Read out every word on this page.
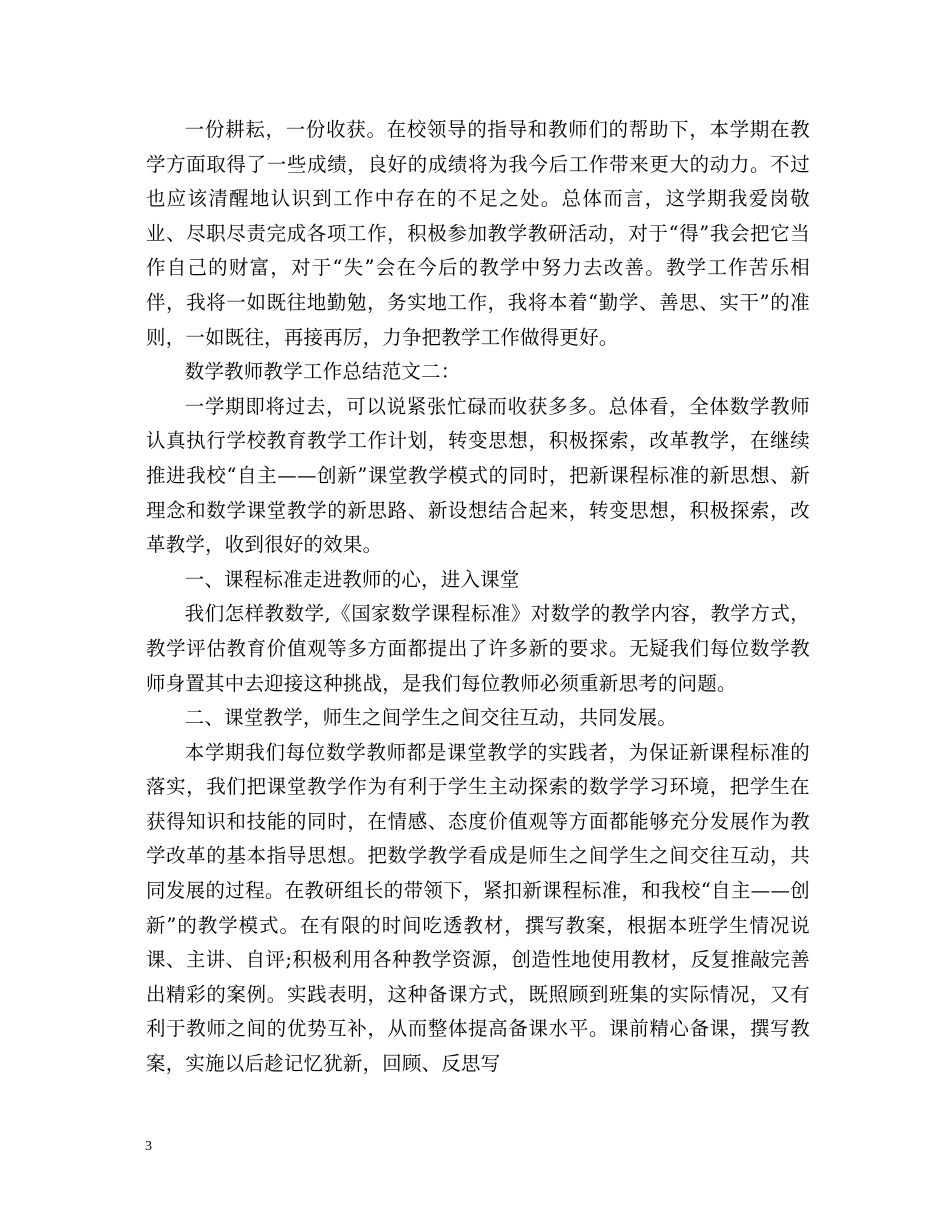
一份耕耘，一份收获。在校领导的指导和教师们的帮助下，本学期在教学方面取得了一些成绩，良好的成绩将为我今后工作带来更大的动力。不过也应该清醒地认识到工作中存在的不足之处。总体而言，这学期我爱岗敬业、尽职尽责完成各项工作，积极参加教学教研活动，对于“得”我会把它当作自己的财富，对于“失”会在今后的教学中努力去改善。教学工作苦乐相伴，我将一如既往地勤勉，务实地工作，我将本着“勤学、善思、实干”的准则，一如既往，再接再厉，力争把教学工作做得更好。

数学教师教学工作总结范文二：

一学期即将过去，可以说紧张忙碌而收获多多。总体看，全体数学教师认真执行学校教育教学工作计划，转变思想，积极探索，改革教学，在继续推进我校“自主——创新”课堂教学模式的同时，把新课程标准的新思想、新理念和数学课堂教学的新思路、新设想结合起来，转变思想，积极探索，改革教学，收到很好的效果。

一、课程标准走进教师的心，进入课堂

我们怎样教数学,《国家数学课程标准》对数学的教学内容，教学方式，教学评估教育价值观等多方面都提出了许多新的要求。无疑我们每位数学教师身置其中去迎接这种挑战，是我们每位教师必须重新思考的问题。

二、课堂教学，师生之间学生之间交往互动，共同发展。

本学期我们每位数学教师都是课堂教学的实践者，为保证新课程标准的落实，我们把课堂教学作为有利于学生主动探索的数学学习环境，把学生在获得知识和技能的同时，在情感、态度价值观等方面都能够充分发展作为教学改革的基本指导思想。把数学教学看成是师生之间学生之间交往互动，共同发展的过程。在教研组长的带领下，紧扣新课程标准，和我校“自主——创新”的教学模式。在有限的时间吃透教材，撰写教案，根据本班学生情况说课、主讲、自评;积极利用各种教学资源，创造性地使用教材，反复推敲完善出精彩的案例。实践表明，这种备课方式，既照顾到班集的实际情况，又有利于教师之间的优势互补，从而整体提高备课水平。课前精心备课，撰写教案，实施以后趁记忆犹新，回顾、反思写

3
